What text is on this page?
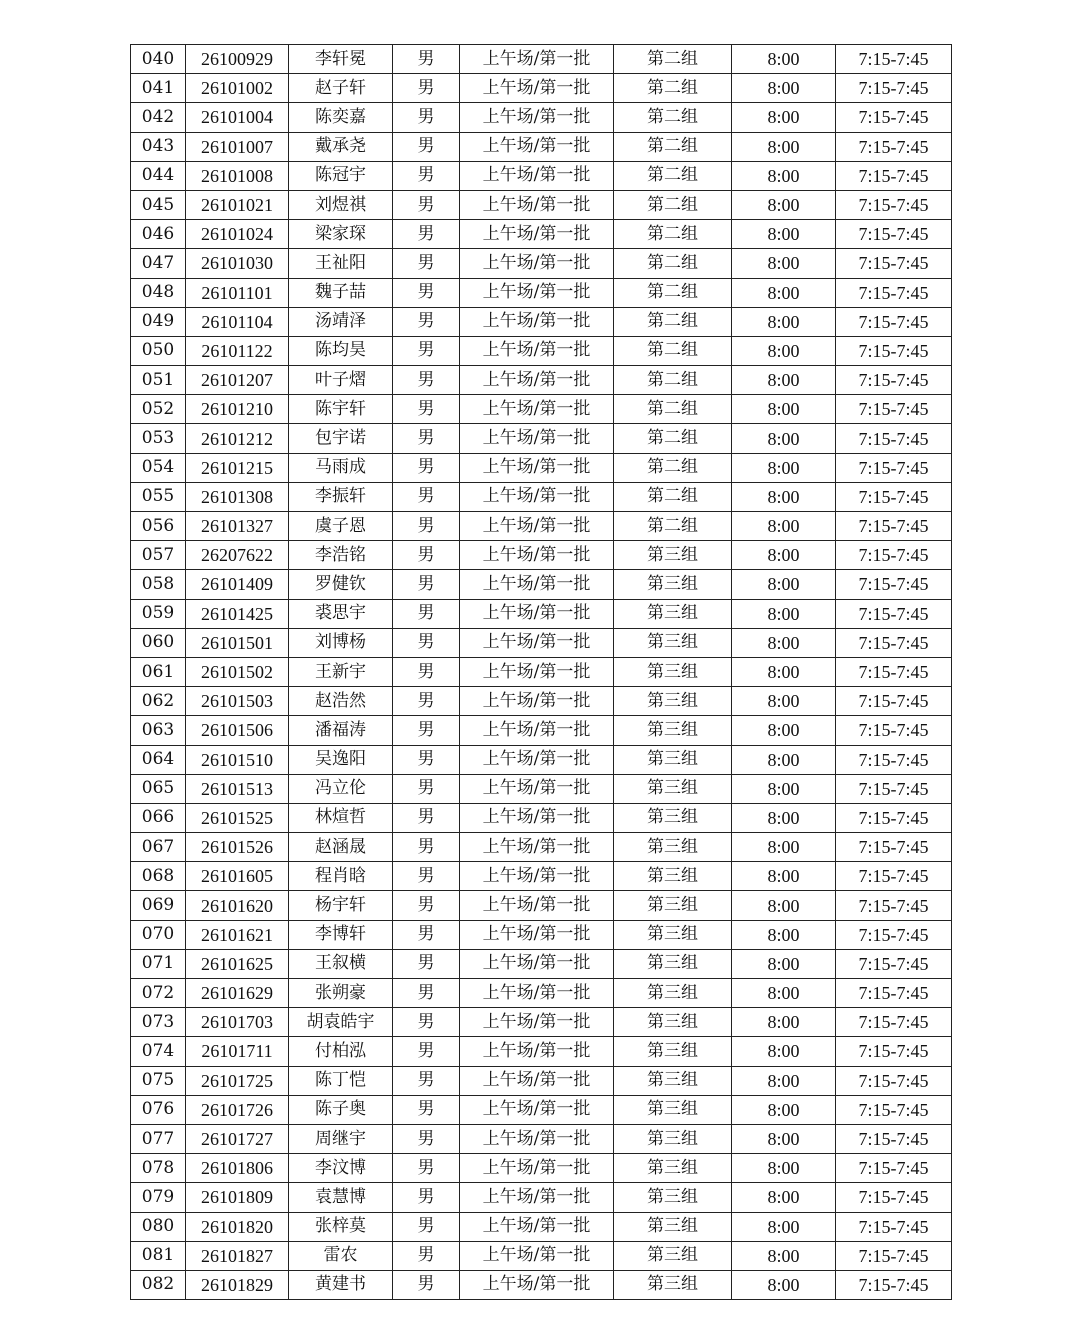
040	26100929	李轩冕	男	上午场/第一批	第二组	8:00	7:15-7:45
041	26101002	赵子轩	男	上午场/第一批	第二组	8:00	7:15-7:45
042	26101004	陈奕嘉	男	上午场/第一批	第二组	8:00	7:15-7:45
043	26101007	戴承尧	男	上午场/第一批	第二组	8:00	7:15-7:45
044	26101008	陈冠宇	男	上午场/第一批	第二组	8:00	7:15-7:45
045	26101021	刘煜祺	男	上午场/第一批	第二组	8:00	7:15-7:45
046	26101024	梁家琛	男	上午场/第一批	第二组	8:00	7:15-7:45
047	26101030	王祉阳	男	上午场/第一批	第二组	8:00	7:15-7:45
048	26101101	魏子喆	男	上午场/第一批	第二组	8:00	7:15-7:45
049	26101104	汤靖泽	男	上午场/第一批	第二组	8:00	7:15-7:45
050	26101122	陈均昊	男	上午场/第一批	第二组	8:00	7:15-7:45
051	26101207	叶子熠	男	上午场/第一批	第二组	8:00	7:15-7:45
052	26101210	陈宇轩	男	上午场/第一批	第二组	8:00	7:15-7:45
053	26101212	包宇诺	男	上午场/第一批	第二组	8:00	7:15-7:45
054	26101215	马雨成	男	上午场/第一批	第二组	8:00	7:15-7:45
055	26101308	李振轩	男	上午场/第一批	第二组	8:00	7:15-7:45
056	26101327	虞子恩	男	上午场/第一批	第二组	8:00	7:15-7:45
057	26207622	李浩铭	男	上午场/第一批	第三组	8:00	7:15-7:45
058	26101409	罗健钦	男	上午场/第一批	第三组	8:00	7:15-7:45
059	26101425	裘思宇	男	上午场/第一批	第三组	8:00	7:15-7:45
060	26101501	刘博杨	男	上午场/第一批	第三组	8:00	7:15-7:45
061	26101502	王新宇	男	上午场/第一批	第三组	8:00	7:15-7:45
062	26101503	赵浩然	男	上午场/第一批	第三组	8:00	7:15-7:45
063	26101506	潘福涛	男	上午场/第一批	第三组	8:00	7:15-7:45
064	26101510	吴逸阳	男	上午场/第一批	第三组	8:00	7:15-7:45
065	26101513	冯立伦	男	上午场/第一批	第三组	8:00	7:15-7:45
066	26101525	林煊哲	男	上午场/第一批	第三组	8:00	7:15-7:45
067	26101526	赵涵晟	男	上午场/第一批	第三组	8:00	7:15-7:45
068	26101605	程肖晗	男	上午场/第一批	第三组	8:00	7:15-7:45
069	26101620	杨宇轩	男	上午场/第一批	第三组	8:00	7:15-7:45
070	26101621	李博轩	男	上午场/第一批	第三组	8:00	7:15-7:45
071	26101625	王叙横	男	上午场/第一批	第三组	8:00	7:15-7:45
072	26101629	张朔豪	男	上午场/第一批	第三组	8:00	7:15-7:45
073	26101703	胡袁皓宇	男	上午场/第一批	第三组	8:00	7:15-7:45
074	26101711	付柏泓	男	上午场/第一批	第三组	8:00	7:15-7:45
075	26101725	陈丁恺	男	上午场/第一批	第三组	8:00	7:15-7:45
076	26101726	陈子奥	男	上午场/第一批	第三组	8:00	7:15-7:45
077	26101727	周继宇	男	上午场/第一批	第三组	8:00	7:15-7:45
078	26101806	李汶博	男	上午场/第一批	第三组	8:00	7:15-7:45
079	26101809	袁慧博	男	上午场/第一批	第三组	8:00	7:15-7:45
080	26101820	张梓莫	男	上午场/第一批	第三组	8:00	7:15-7:45
081	26101827	雷农	男	上午场/第一批	第三组	8:00	7:15-7:45
082	26101829	黄建书	男	上午场/第一批	第三组	8:00	7:15-7:45
